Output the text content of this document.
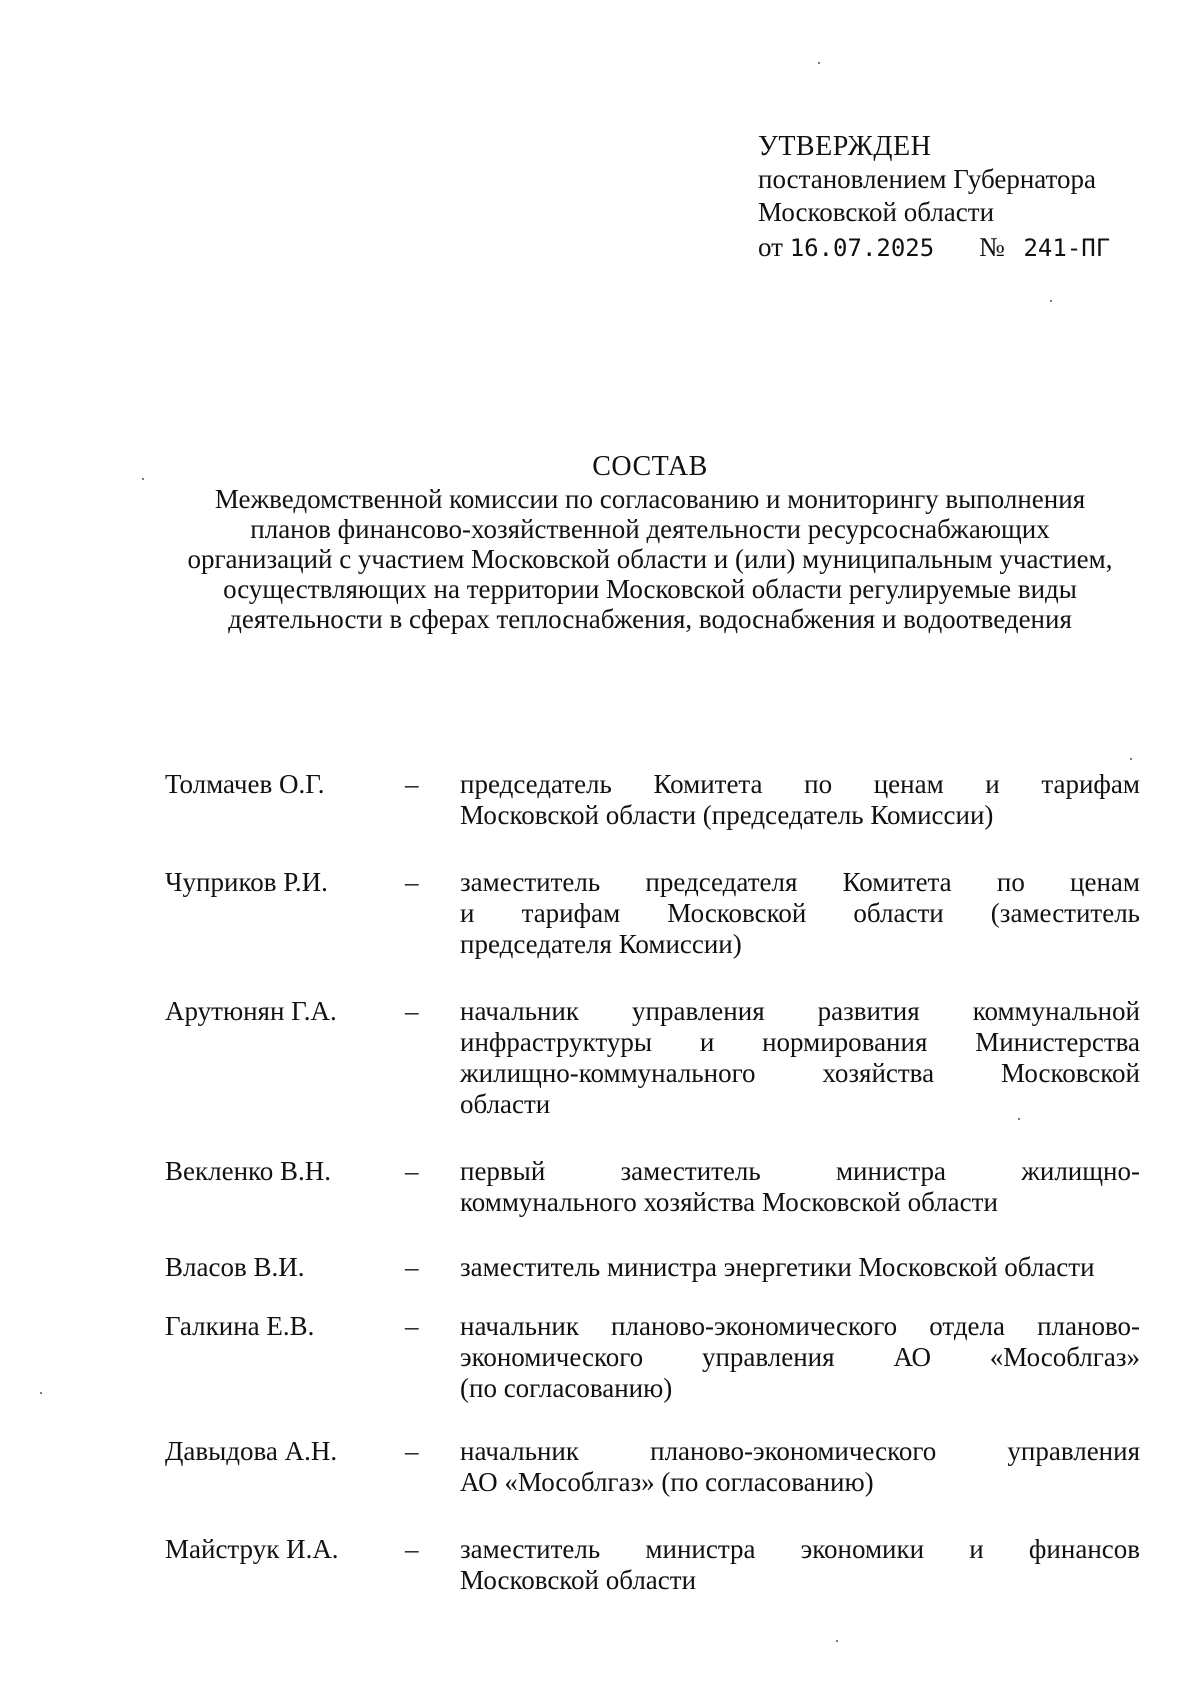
УТВЕРЖДЕН
постановлением Губернатора
Московской области
от 16.07.2025 № 241-ПГ
СОСТАВ
Межведомственной комиссии по согласованию и мониторингу выполнения
планов финансово-хозяйственной деятельности ресурсоснабжающих
организаций с участием Московской области и (или) муниципальным участием,
осуществляющих на территории Московской области регулируемые виды
деятельности в сферах теплоснабжения, водоснабжения и водоотведения
Толмачев О.Г.	–	председатель Комитета по ценам и тарифам
Московской области (председатель Комиссии)
Чуприков Р.И.	–	заместитель председателя Комитета по ценам
и тарифам Московской области (заместитель
председателя Комиссии)
Арутюнян Г.А.	–	начальник управления развития коммунальной
инфраструктуры и нормирования Министерства
жилищно-коммунального хозяйства Московской
области
Векленко В.Н.	–	первый заместитель министра жилищно-
коммунального хозяйства Московской области
Власов В.И.	–	заместитель министра энергетики Московской области
Галкина Е.В.	–	начальник планово-экономического отдела планово-
экономического управления АО «Мособлгаз»
(по согласованию)
Давыдова А.Н.	–	начальник планово-экономического управления
АО «Мособлгаз» (по согласованию)
Майструк И.А.	–	заместитель министра экономики и финансов
Московской области
